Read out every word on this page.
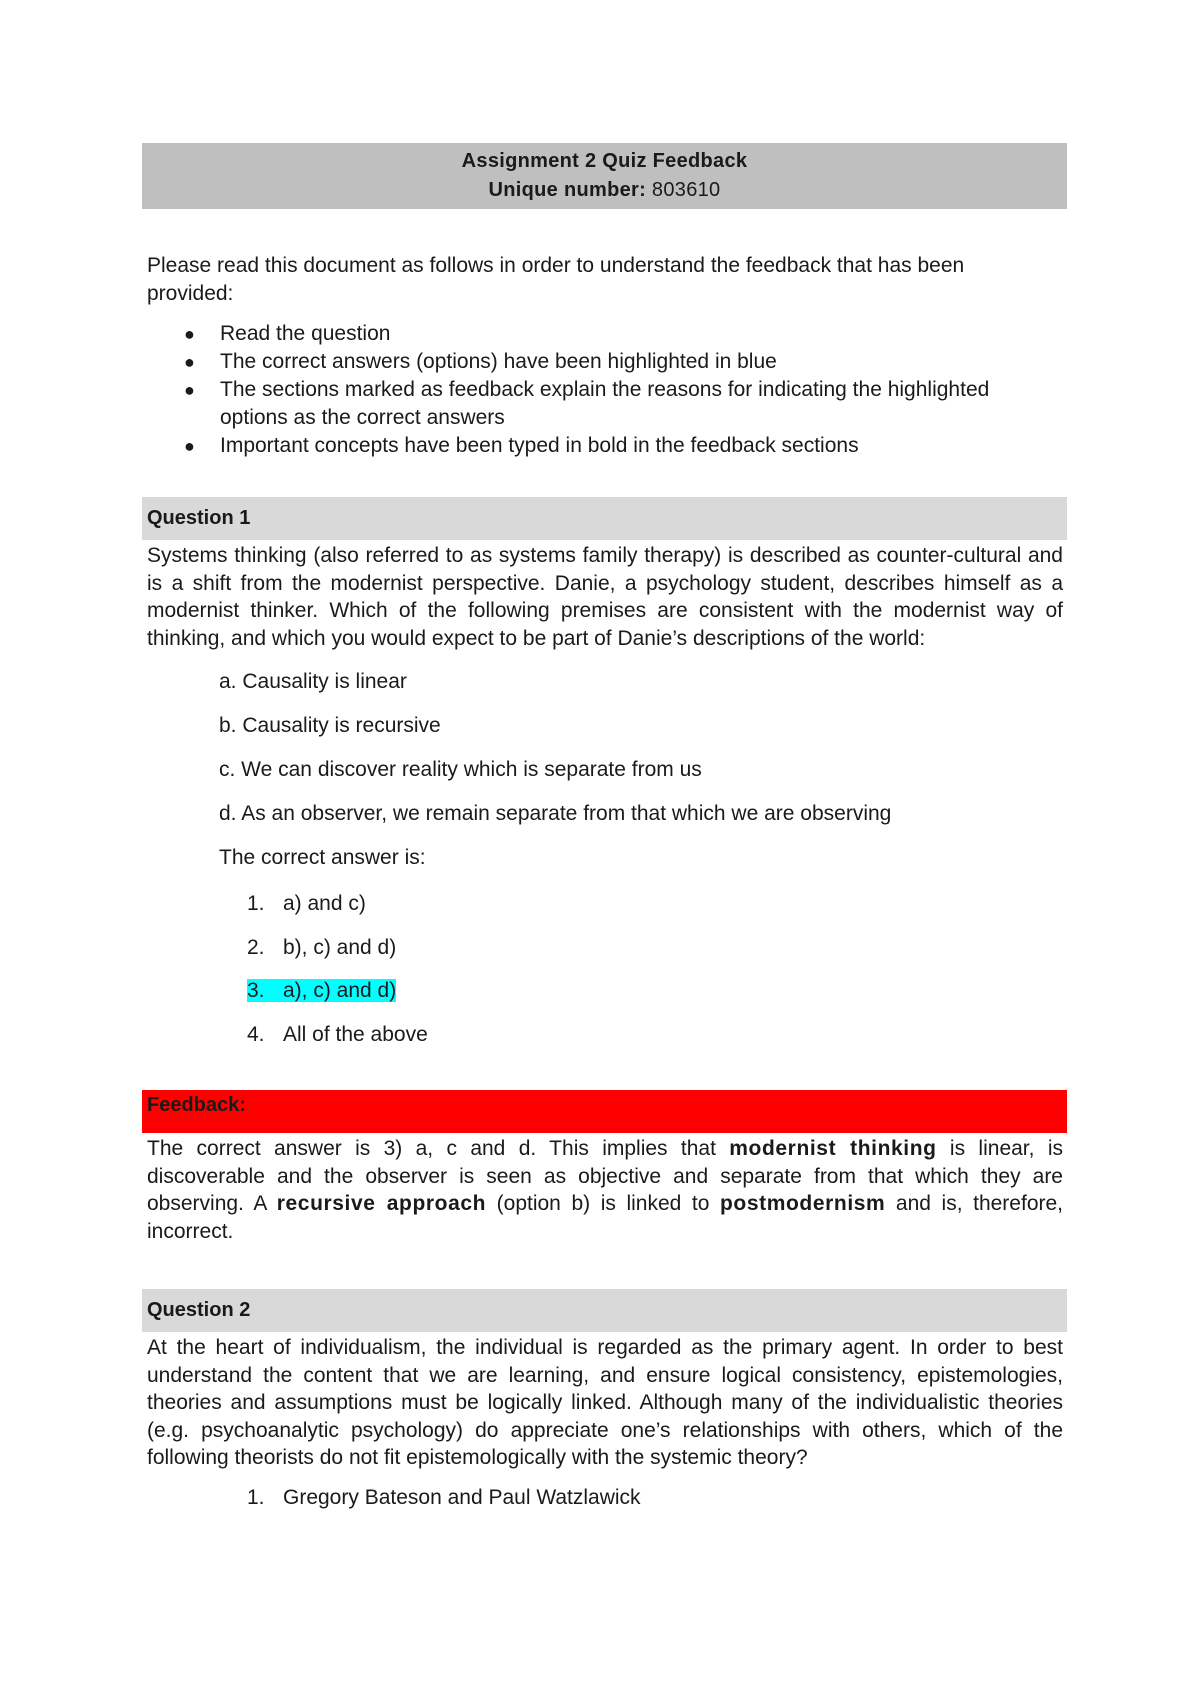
Assignment 2 Quiz Feedback
Unique number: 803610
Please read this document as follows in order to understand the feedback that has been provided:
● Read the question
● The correct answers (options) have been highlighted in blue
● The sections marked as feedback explain the reasons for indicating the highlighted options as the correct answers
● Important concepts have been typed in bold in the feedback sections
Question 1
Systems thinking (also referred to as systems family therapy) is described as counter-cultural and is a shift from the modernist perspective. Danie, a psychology student, describes himself as a modernist thinker. Which of the following premises are consistent with the modernist way of thinking, and which you would expect to be part of Danie’s descriptions of the world:
a. Causality is linear
b. Causality is recursive
c. We can discover reality which is separate from us
d. As an observer, we remain separate from that which we are observing
The correct answer is:
1. a) and c)
2. b), c) and d)
3. a), c) and d)
4. All of the above
Feedback:
The correct answer is 3) a, c and d. This implies that modernist thinking is linear, is discoverable and the observer is seen as objective and separate from that which they are observing. A recursive approach (option b) is linked to postmodernism and is, therefore, incorrect.
Question 2
At the heart of individualism, the individual is regarded as the primary agent. In order to best understand the content that we are learning, and ensure logical consistency, epistemologies, theories and assumptions must be logically linked. Although many of the individualistic theories (e.g. psychoanalytic psychology) do appreciate one’s relationships with others, which of the following theorists do not fit epistemologically with the systemic theory?
1. Gregory Bateson and Paul Watzlawick
